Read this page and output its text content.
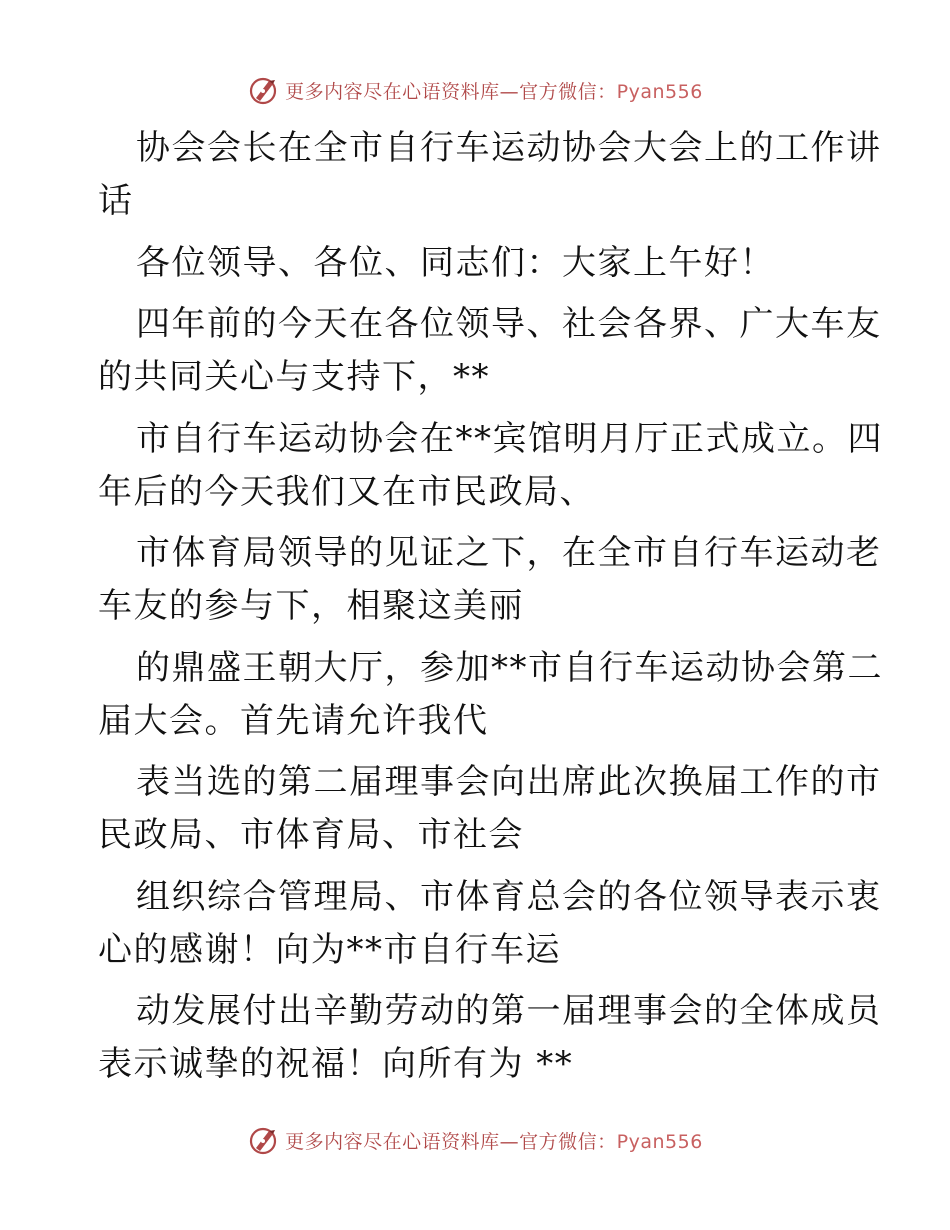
更多内容尽在心语资料库—官方微信：Pyan556
协会会长在全市自行车运动协会大会上的工作讲
话
各位领导、各位、同志们：大家上午好！
四年前的今天在各位领导、社会各界、广大车友
的共同关心与支持下，**
市自行车运动协会在**宾馆明月厅正式成立。四
年后的今天我们又在市民政局、
市体育局领导的见证之下，在全市自行车运动老
车友的参与下，相聚这美丽
的鼎盛王朝大厅，参加**市自行车运动协会第二
届大会。首先请允许我代
表当选的第二届理事会向出席此次换届工作的市
民政局、市体育局、市社会
组织综合管理局、市体育总会的各位领导表示衷
心的感谢！向为**市自行车运
动发展付出辛勤劳动的第一届理事会的全体成员
表示诚挚的祝福！向所有为 **
更多内容尽在心语资料库—官方微信：Pyan556
